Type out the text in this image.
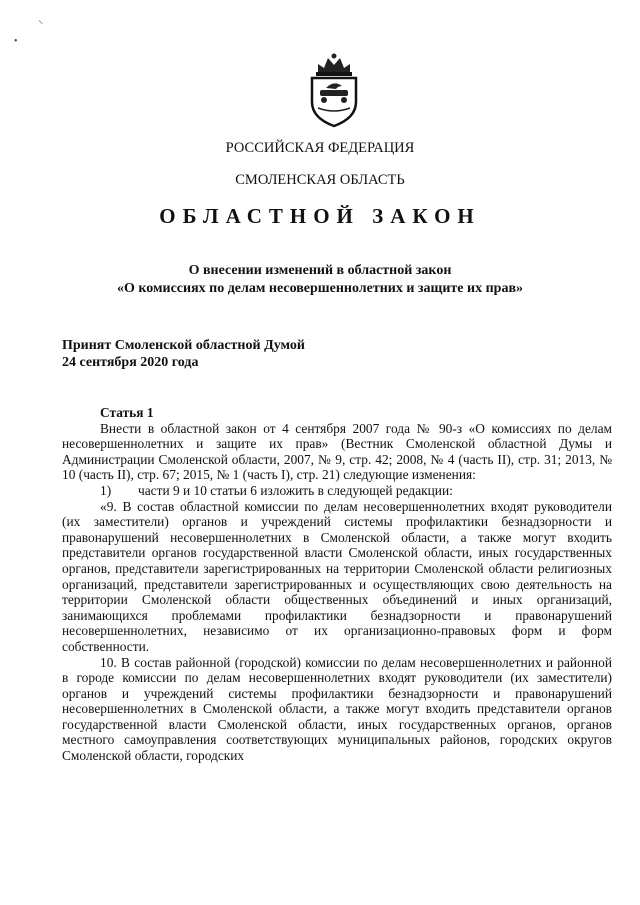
⸜
•
РОССИЙСКАЯ ФЕДЕРАЦИЯ
СМОЛЕНСКАЯ ОБЛАСТЬ
ОБЛАСТНОЙ ЗАКОН
О внесении изменений в областной закон
«О комиссиях по делам несовершеннолетних и защите их прав»
Принят Смоленской областной Думой
24 сентября 2020 года
Статья 1

Внести в областной закон от 4 сентября 2007 года № 90-з «О комиссиях по делам несовершеннолетних и защите их прав» (Вестник Смоленской областной Думы и Администрации Смоленской области, 2007, № 9, стр. 42; 2008, № 4 (часть II), стр. 31; 2013, № 10 (часть II), стр. 67; 2015, № 1 (часть I), стр. 21) следующие изменения:

1)	части 9 и 10 статьи 6 изложить в следующей редакции:

«9. В состав областной комиссии по делам несовершеннолетних входят руководители (их заместители) органов и учреждений системы профилактики безнадзорности и правонарушений несовершеннолетних в Смоленской области, а также могут входить представители органов государственной власти Смоленской области, иных государственных органов, представители зарегистрированных на территории Смоленской области религиозных организаций, представители зарегистрированных и осуществляющих свою деятельность на территории Смоленской области общественных объединений и иных организаций, занимающихся проблемами профилактики безнадзорности и правонарушений несовершеннолетних, независимо от их организационно-правовых форм и форм собственности.

10. В состав районной (городской) комиссии по делам несовершеннолетних и районной в городе комиссии по делам несовершеннолетних входят руководители (их заместители) органов и учреждений системы профилактики безнадзорности и правонарушений несовершеннолетних в Смоленской области, а также могут входить представители органов государственной власти Смоленской области, иных государственных органов, органов местного самоуправления соответствующих муниципальных районов, городских округов Смоленской области, городских
